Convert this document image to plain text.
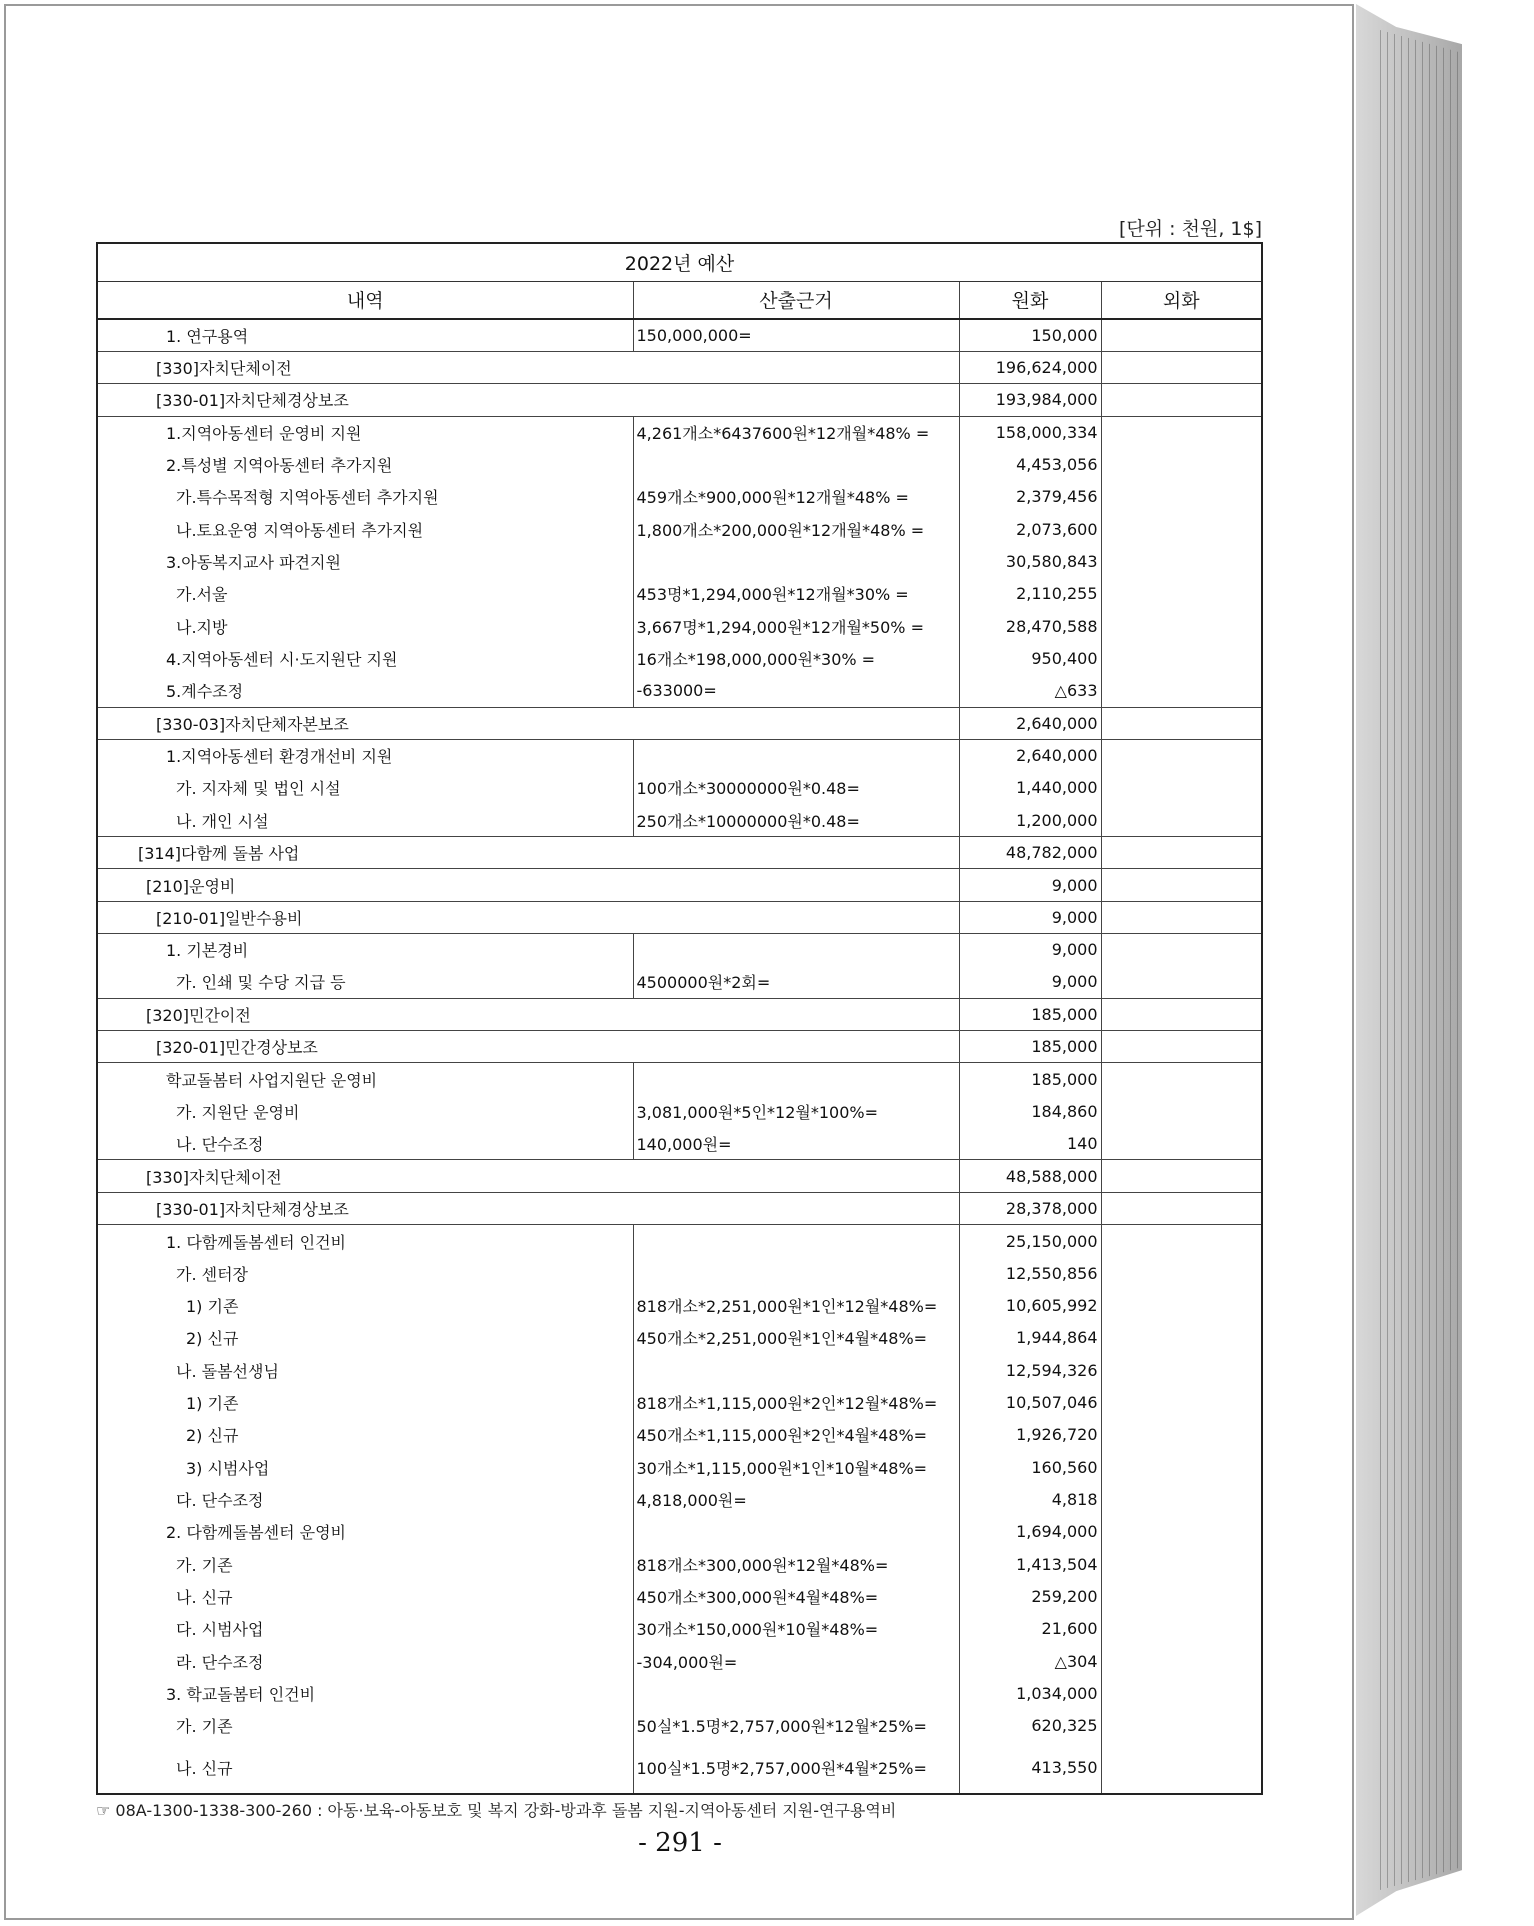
[단위 : 천원, 1$]
2022년 예산			
내역	산출근거	원화	외화
1. 연구용역	150,000,000=	150,000	
[330]자치단체이전		196,624,000	
[330-01]자치단체경상보조		193,984,000	
1.지역아동센터 운영비 지원	4,261개소*6437600원*12개월*48% =	158,000,334	
2.특성별 지역아동센터 추가지원		4,453,056	
가.특수목적형 지역아동센터 추가지원	459개소*900,000원*12개월*48% =	2,379,456	
나.토요운영 지역아동센터 추가지원	1,800개소*200,000원*12개월*48% =	2,073,600	
3.아동복지교사 파견지원		30,580,843	
가.서울	453명*1,294,000원*12개월*30% =	2,110,255	
나.지방	3,667명*1,294,000원*12개월*50% =	28,470,588	
4.지역아동센터 시·도지원단 지원	16개소*198,000,000원*30% =	950,400	
5.계수조정	-633000=	△633	
[330-03]자치단체자본보조		2,640,000	
1.지역아동센터 환경개선비 지원		2,640,000	
가. 지자체 및 법인 시설	100개소*30000000원*0.48=	1,440,000	
나. 개인 시설	250개소*10000000원*0.48=	1,200,000	
[314]다함께 돌봄 사업		48,782,000	
[210]운영비		9,000	
[210-01]일반수용비		9,000	
1. 기본경비		9,000	
가. 인쇄 및 수당 지급 등	4500000원*2회=	9,000	
[320]민간이전		185,000	
[320-01]민간경상보조		185,000	
학교돌봄터 사업지원단 운영비		185,000	
가. 지원단 운영비	3,081,000원*5인*12월*100%=	184,860	
나. 단수조정	140,000원=	140	
[330]자치단체이전		48,588,000	
[330-01]자치단체경상보조		28,378,000	
1. 다함께돌봄센터 인건비		25,150,000	
가. 센터장		12,550,856	
1) 기존	818개소*2,251,000원*1인*12월*48%=	10,605,992	
2) 신규	450개소*2,251,000원*1인*4월*48%=	1,944,864	
나. 돌봄선생님		12,594,326	
1) 기존	818개소*1,115,000원*2인*12월*48%=	10,507,046	
2) 신규	450개소*1,115,000원*2인*4월*48%=	1,926,720	
3) 시범사업	30개소*1,115,000원*1인*10월*48%=	160,560	
다. 단수조정	4,818,000원=	4,818	
2. 다함께돌봄센터 운영비		1,694,000	
가. 기존	818개소*300,000원*12월*48%=	1,413,504	
나. 신규	450개소*300,000원*4월*48%=	259,200	
다. 시범사업	30개소*150,000원*10월*48%=	21,600	
라. 단수조정	-304,000원=	△304	
3. 학교돌봄터 인건비		1,034,000	
가. 기존	50실*1.5명*2,757,000원*12월*25%=	620,325	
나. 신규	100실*1.5명*2,757,000원*4월*25%=	413,550	
☞ 08A-1300-1338-300-260 : 아동·보육-아동보호 및 복지 강화-방과후 돌봄 지원-지역아동센터 지원-연구용역비
- 291 -
